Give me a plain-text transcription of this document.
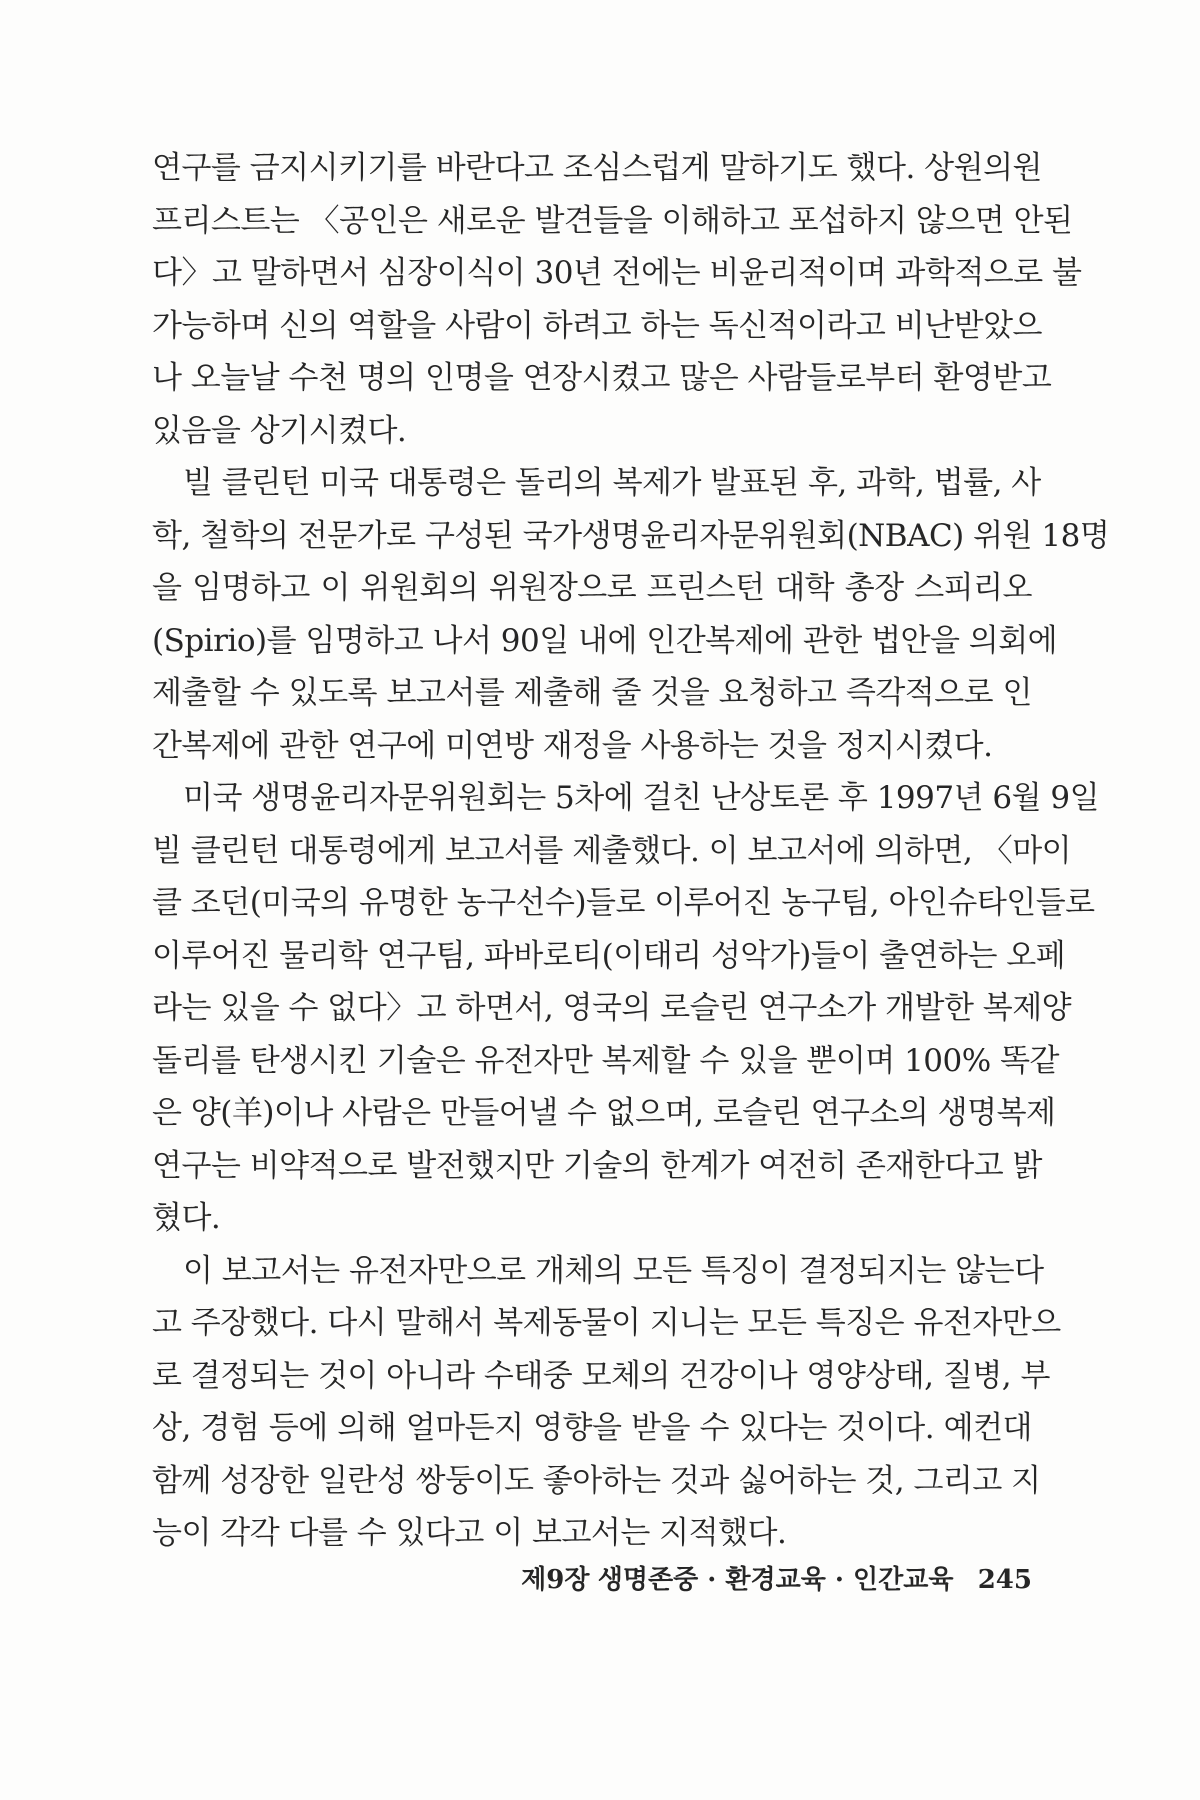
연구를 금지시키기를 바란다고 조심스럽게 말하기도 했다. 상원의원
프리스트는 〈공인은 새로운 발견들을 이해하고 포섭하지 않으면 안된
다〉고 말하면서 심장이식이 30년 전에는 비윤리적이며 과학적으로 불
가능하며 신의 역할을 사람이 하려고 하는 독신적이라고 비난받았으
나 오늘날 수천 명의 인명을 연장시켰고 많은 사람들로부터 환영받고
있음을 상기시켰다.
빌 클린턴 미국 대통령은 돌리의 복제가 발표된 후, 과학, 법률, 사
학, 철학의 전문가로 구성된 국가생명윤리자문위원회(NBAC) 위원 18명
을 임명하고 이 위원회의 위원장으로 프린스턴 대학 총장 스피리오
(Spirio)를 임명하고 나서 90일 내에 인간복제에 관한 법안을 의회에
제출할 수 있도록 보고서를 제출해 줄 것을 요청하고 즉각적으로 인
간복제에 관한 연구에 미연방 재정을 사용하는 것을 정지시켰다.
미국 생명윤리자문위원회는 5차에 걸친 난상토론 후 1997년 6월 9일
빌 클린턴 대통령에게 보고서를 제출했다. 이 보고서에 의하면, 〈마이
클 조던(미국의 유명한 농구선수)들로 이루어진 농구팀, 아인슈타인들로
이루어진 물리학 연구팀, 파바로티(이태리 성악가)들이 출연하는 오페
라는 있을 수 없다〉고 하면서, 영국의 로슬린 연구소가 개발한 복제양
돌리를 탄생시킨 기술은 유전자만 복제할 수 있을 뿐이며 100% 똑같
은 양(羊)이나 사람은 만들어낼 수 없으며, 로슬린 연구소의 생명복제
연구는 비약적으로 발전했지만 기술의 한계가 여전히 존재한다고 밝
혔다.
이 보고서는 유전자만으로 개체의 모든 특징이 결정되지는 않는다
고 주장했다. 다시 말해서 복제동물이 지니는 모든 특징은 유전자만으
로 결정되는 것이 아니라 수태중 모체의 건강이나 영양상태, 질병, 부
상, 경험 등에 의해 얼마든지 영향을 받을 수 있다는 것이다. 예컨대
함께 성장한 일란성 쌍둥이도 좋아하는 것과 싫어하는 것, 그리고 지
능이 각각 다를 수 있다고 이 보고서는 지적했다.
제9장 생명존중 · 환경교육 · 인간교육 245
